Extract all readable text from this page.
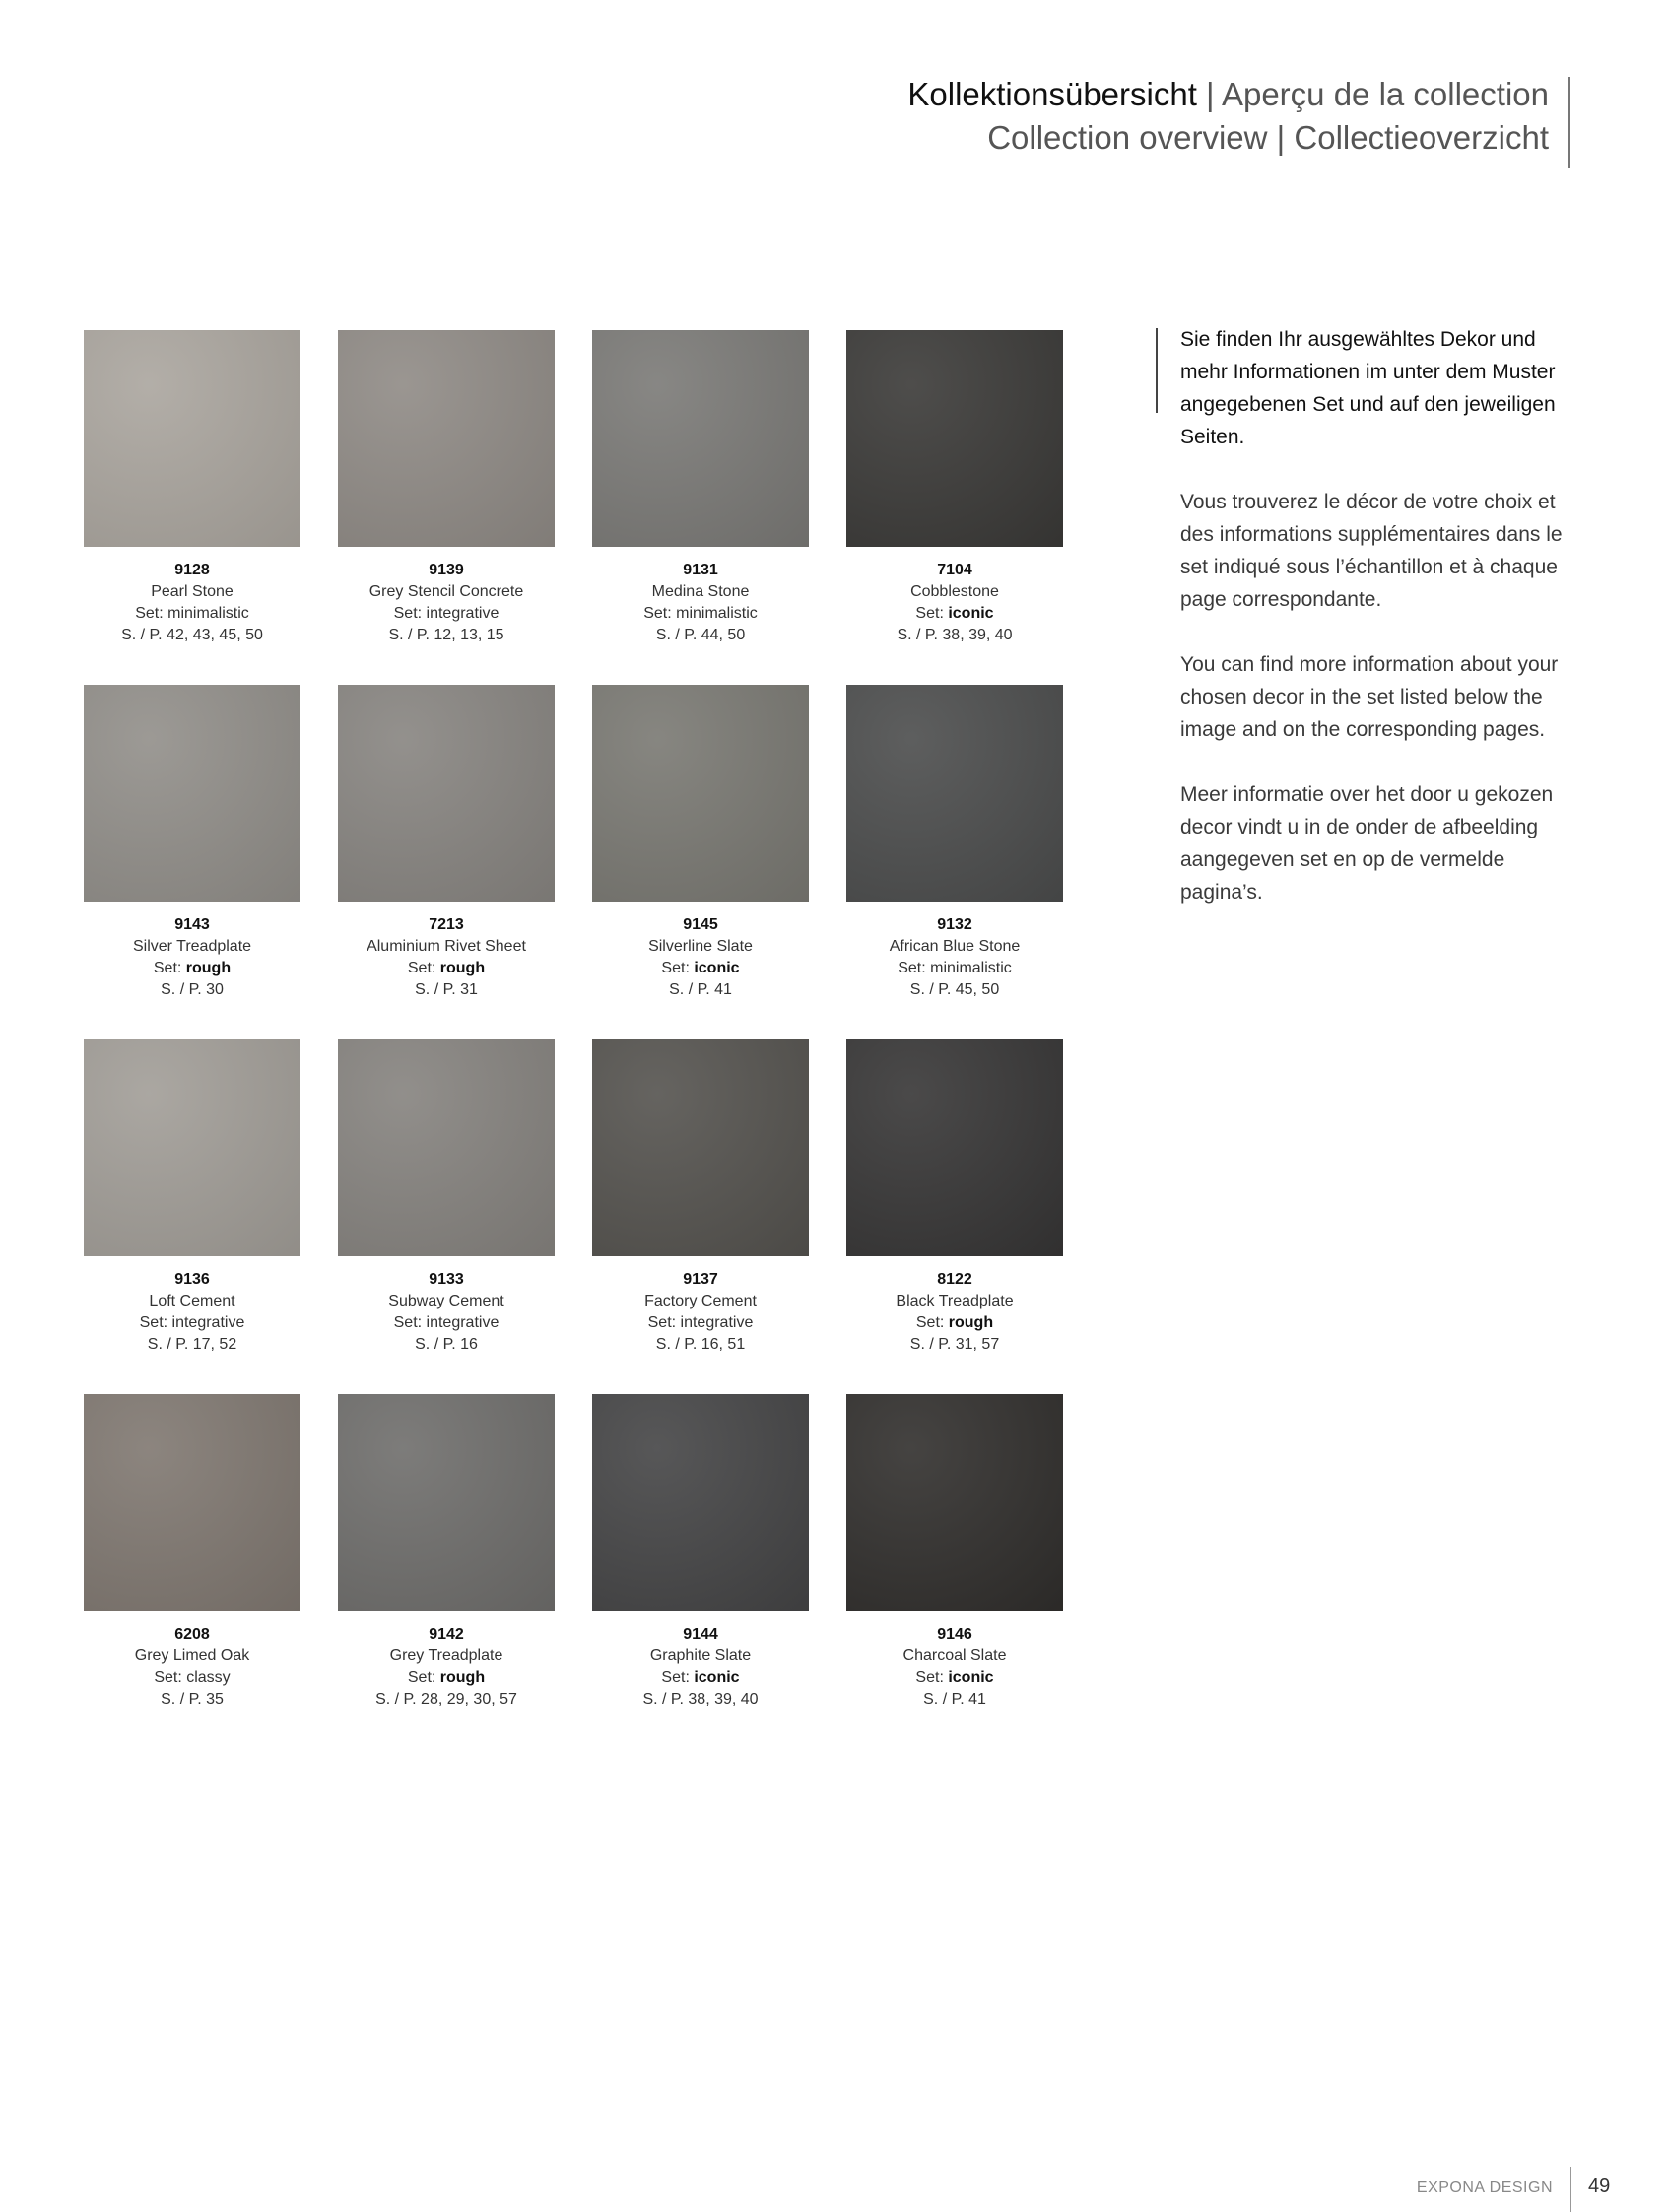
Kollektionsübersicht | Aperçu de la collection
Collection overview | Collectieoverzicht
9128
Pearl Stone
Set: minimalistic
S. / P. 42, 43, 45, 50
9139
Grey Stencil Concrete
Set: integrative
S. / P. 12, 13, 15
9131
Medina Stone
Set: minimalistic
S. / P. 44, 50
7104
Cobblestone
Set: iconic
S. / P. 38, 39, 40
9143
Silver Treadplate
Set: rough
S. / P. 30
7213
Aluminium Rivet Sheet
Set: rough
S. / P. 31
9145
Silverline Slate
Set: iconic
S. / P. 41
9132
African Blue Stone
Set: minimalistic
S. / P. 45, 50
9136
Loft Cement
Set: integrative
S. / P. 17, 52
9133
Subway Cement
Set: integrative
S. / P. 16
9137
Factory Cement
Set: integrative
S. / P. 16, 51
8122
Black Treadplate
Set: rough
S. / P. 31, 57
6208
Grey Limed Oak
Set: classy
S. / P. 35
9142
Grey Treadplate
Set: rough
S. / P. 28, 29, 30, 57
9144
Graphite Slate
Set: iconic
S. / P. 38, 39, 40
9146
Charcoal Slate
Set: iconic
S. / P. 41

Sie finden Ihr ausgewähltes Dekor und mehr Informationen im unter dem Muster angegebenen Set und auf den jeweiligen Seiten.

Vous trouverez le décor de votre choix et des informations supplémentaires dans le set indiqué sous l’échantillon et à chaque page correspondante.

You can find more information about your chosen decor in the set listed below the image and on the corresponding pages.

Meer informatie over het door u gekozen decor vindt u in de onder de afbeelding aangegeven set en op de vermelde pagina’s.

EXPONA DESIGN 49
